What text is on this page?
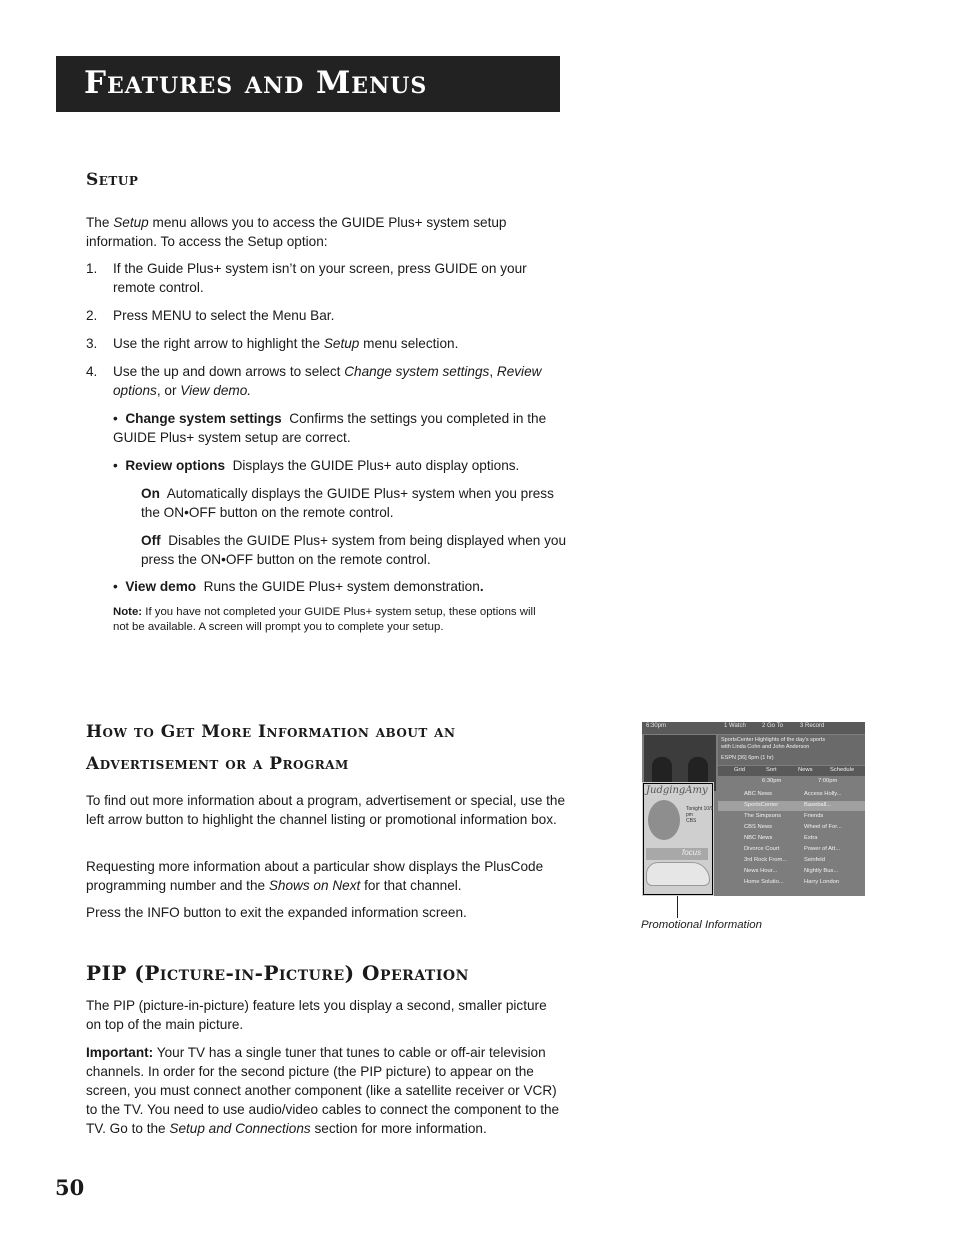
Features and Menus
Setup

The Setup menu allows you to access the GUIDE Plus+ system setup information. To access the Setup option:

1. If the Guide Plus+ system isn’t on your screen, press GUIDE on your remote control.

2. Press MENU to select the Menu Bar.

3. Use the right arrow to highlight the Setup menu selection.

4. Use the up and down arrows to select Change system settings, Review options, or View demo.

• Change system settings Confirms the settings you completed in the GUIDE Plus+ system setup are correct.

• Review options Displays the GUIDE Plus+ auto display options.

On Automatically displays the GUIDE Plus+ system when you press the ON•OFF button on the remote control.

Off Disables the GUIDE Plus+ system from being displayed when you press the ON•OFF button on the remote control.

• View demo Runs the GUIDE Plus+ system demonstration.

Note: If you have not completed your GUIDE Plus+ system setup, these options will not be available. A screen will prompt you to complete your setup.

How to Get More Information about an
Advertisement or a Program

To find out more information about a program, advertisement or special, use the left arrow button to highlight the channel listing or promotional information box.

Requesting more information about a particular show displays the PlusCode programming number and the Shows on Next for that channel.

Press the INFO button to exit the expanded information screen.

6:30pm	1 Watch	2 Go To	3 Record
JudgingAmy
Tonight 10/9 pm
CBS
focus
SportsCenter Highlights of the day's sports
with Linda Cohn and John Anderson
ESPN [36] 6pm (1 hr)
Grid	Sort	News	Schedule
6:30pm	7:00pm
ABC News	Access Holly...
SportsCenter	Baseball...
The Simpsons	Friends
CBS News	Wheel of For...
NBC News	Extra
Divorce Court	Power of Att...
3rd Rock From...	Seinfeld
News Hour...	Nightly Bus...
Home Solutio...	Harry London
Promotional Information
PIP (Picture-in-Picture) Operation

The PIP (picture-in-picture) feature lets you display a second, smaller picture on top of the main picture.

Important: Your TV has a single tuner that tunes to cable or off-air television channels. In order for the second picture (the PIP picture) to appear on the screen, you must connect another component (like a satellite receiver or VCR) to the TV. You need to use audio/video cables to connect the component to the TV. Go to the Setup and Connections section for more information.

50
